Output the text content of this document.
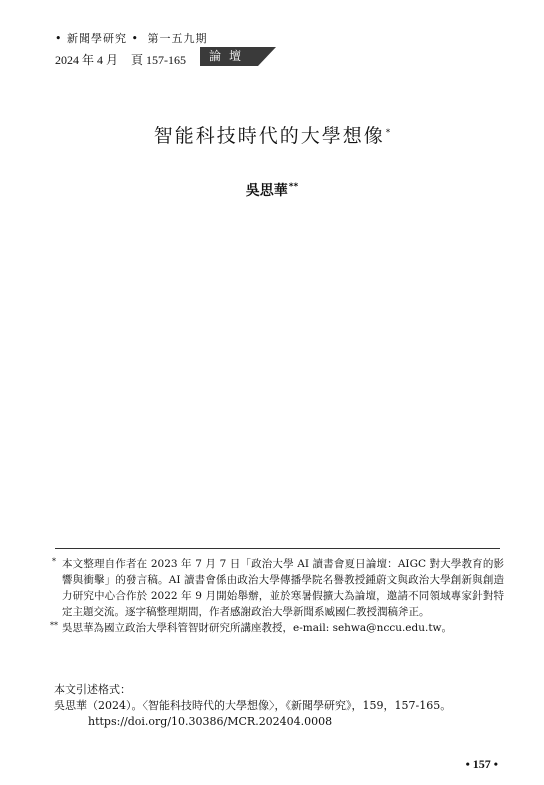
• 新聞學研究 • 第一五九期
2024 年 4 月 頁 157-165	論壇
智能科技時代的大學想像*
吳思華**
* 本文整理自作者在 2023 年 7 月 7 日「政治大學 AI 讀書會夏日論壇：AIGC 對大學教育的影響與衝擊」的發言稿。AI 讀書會係由政治大學傳播學院名譽教授鍾蔚文與政治大學創新與創造力研究中心合作於 2022 年 9 月開始舉辦，並於寒暑假擴大為論壇，邀請不同領域專家針對特定主題交流。逐字稿整理期間，作者感謝政治大學新聞系臧國仁教授潤稿斧正。
** 吳思華為國立政治大學科管智財研究所講座教授，e-mail: sehwa@nccu.edu.tw。
本文引述格式：
吳思華（2024）。〈智能科技時代的大學想像〉，《新聞學研究》，159，157-165。https://doi.org/10.30386/MCR.202404.0008
• 157 •
